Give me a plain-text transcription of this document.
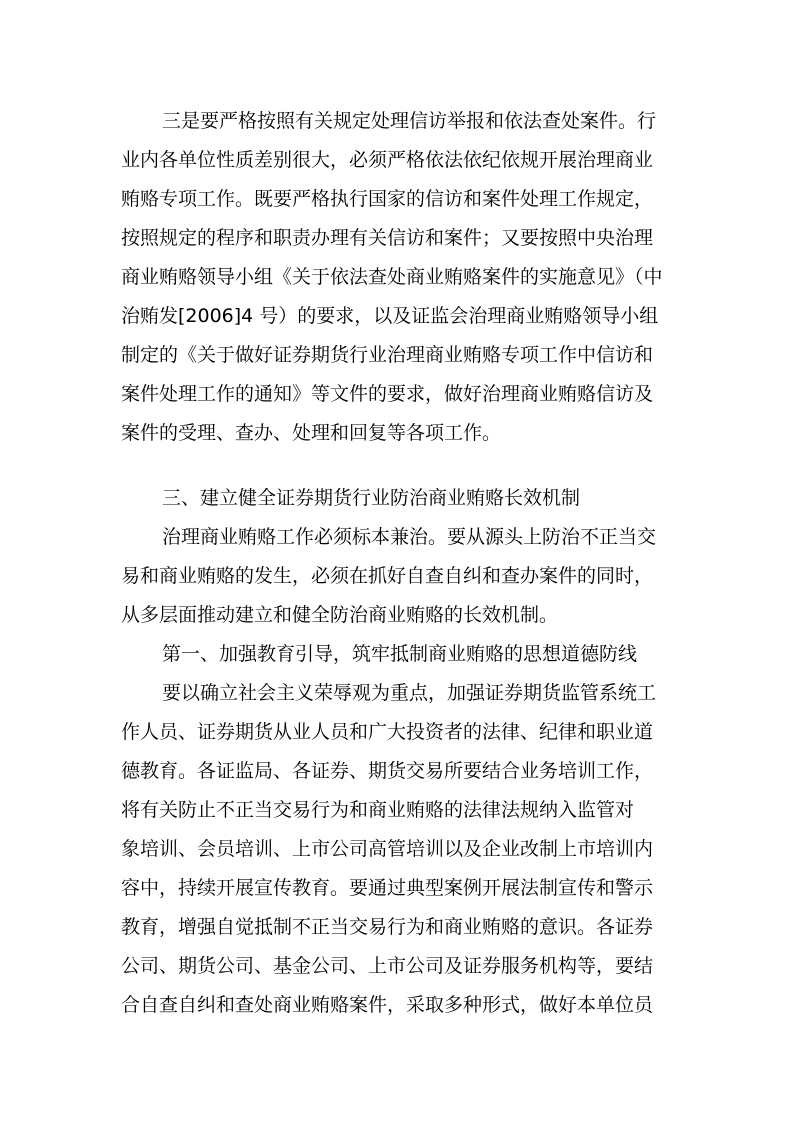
三是要严格按照有关规定处理信访举报和依法查处案件。行
业内各单位性质差别很大，必须严格依法依纪依规开展治理商业
贿赂专项工作。既要严格执行国家的信访和案件处理工作规定，
按照规定的程序和职责办理有关信访和案件；又要按照中央治理
商业贿赂领导小组《关于依法查处商业贿赂案件的实施意见》（中
治贿发[2006]4 号）的要求，以及证监会治理商业贿赂领导小组
制定的《关于做好证券期货行业治理商业贿赂专项工作中信访和
案件处理工作的通知》等文件的要求，做好治理商业贿赂信访及
案件的受理、查办、处理和回复等各项工作。
三、建立健全证券期货行业防治商业贿赂长效机制
治理商业贿赂工作必须标本兼治。要从源头上防治不正当交
易和商业贿赂的发生，必须在抓好自查自纠和查办案件的同时，
从多层面推动建立和健全防治商业贿赂的长效机制。
第一、加强教育引导，筑牢抵制商业贿赂的思想道德防线
要以确立社会主义荣辱观为重点，加强证券期货监管系统工
作人员、证券期货从业人员和广大投资者的法律、纪律和职业道
德教育。各证监局、各证券、期货交易所要结合业务培训工作，
将有关防止不正当交易行为和商业贿赂的法律法规纳入监管对
象培训、会员培训、上市公司高管培训以及企业改制上市培训内
容中，持续开展宣传教育。要通过典型案例开展法制宣传和警示
教育，增强自觉抵制不正当交易行为和商业贿赂的意识。各证券
公司、期货公司、基金公司、上市公司及证券服务机构等，要结
合自查自纠和查处商业贿赂案件，采取多种形式，做好本单位员
